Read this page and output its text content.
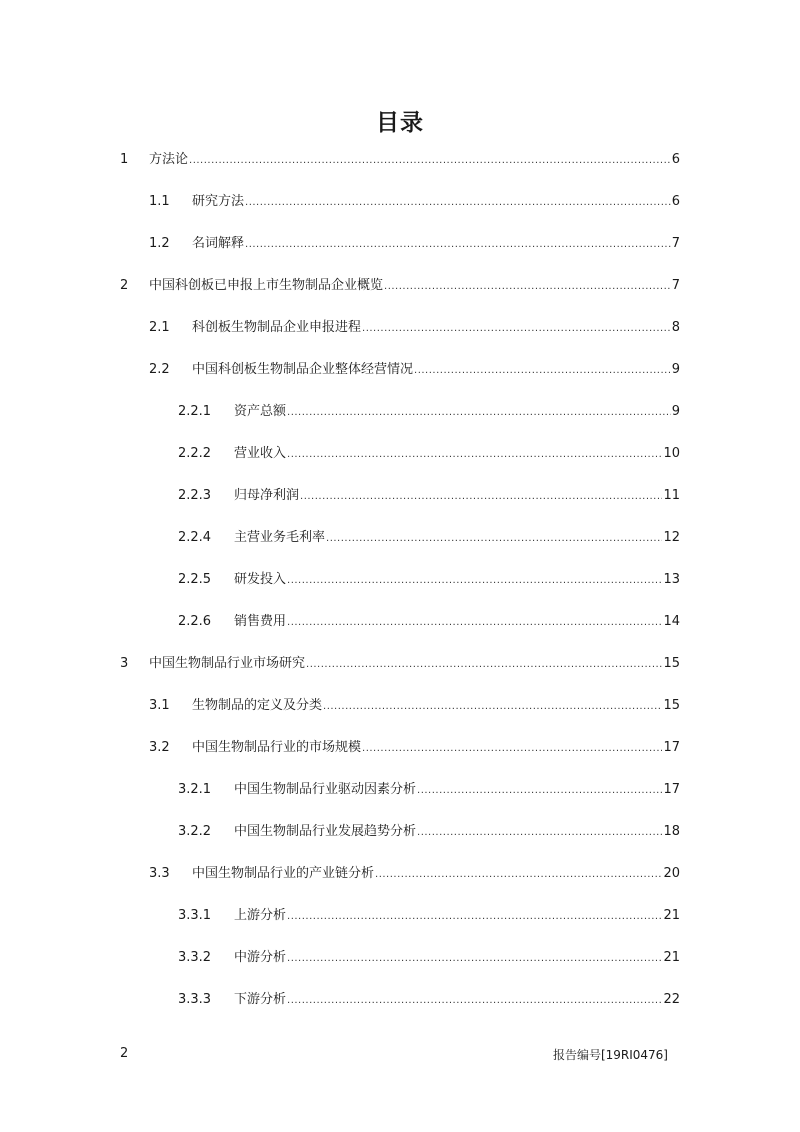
目录
1 方法论 .....	6
1.1 研究方法 .....	6
1.2 名词解释 .....	7
2 中国科创板已申报上市生物制品企业概览 .....	7
2.1 科创板生物制品企业申报进程 .....	8
2.2 中国科创板生物制品企业整体经营情况 .....	9
2.2.1 资产总额 .....	9
2.2.2 营业收入 .....	10
2.2.3 归母净利润 .....	11
2.2.4 主营业务毛利率 .....	12
2.2.5 研发投入 .....	13
2.2.6 销售费用 .....	14
3 中国生物制品行业市场研究 .....	15
3.1 生物制品的定义及分类 .....	15
3.2 中国生物制品行业的市场规模 .....	17
3.2.1 中国生物制品行业驱动因素分析 .....	17
3.2.2 中国生物制品行业发展趋势分析 .....	18
3.3 中国生物制品行业的产业链分析 .....	20
3.3.1 上游分析 .....	21
3.3.2 中游分析 .....	21
3.3.3 下游分析 .....	22
2	报告编号[19RI0476]
